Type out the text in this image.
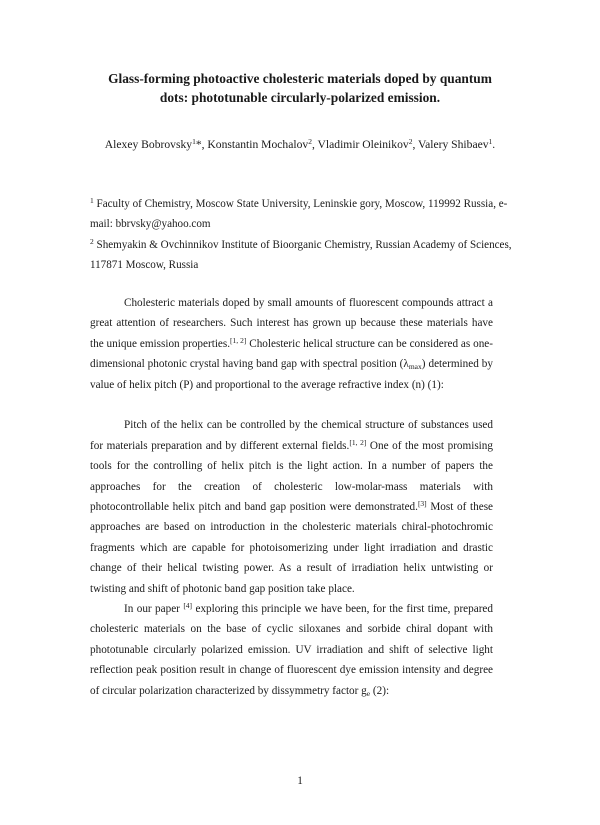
Glass-forming photoactive cholesteric materials doped by quantum
dots: phototunable circularly-polarized emission.

Alexey Bobrovsky$^1$*, Konstantin Mochalov$^2$, Vladimir Oleinikov$^2$, Valery Shibaev$^1$.

$^1$ Faculty of Chemistry, Moscow State University, Leninskie gory, Moscow, 119992 Russia, e-mail: bbrvsky@yahoo.com

$^2$ Shemyakin & Ovchinnikov Institute of Bioorganic Chemistry, Russian Academy of Sciences, 117871 Moscow, Russia

Cholesteric materials doped by small amounts of fluorescent compounds attract a great attention of researchers. Such interest has grown up because these materials have the unique emission properties.[1, 2] Cholesteric helical structure can be considered as one-dimensional photonic crystal having band gap with spectral position $(\lambda_{max})$ determined by value of helix pitch (P) and proportional to the average refractive index (n) (1):

Pitch of the helix can be controlled by the chemical structure of substances used for materials preparation and by different external fields.[1, 2] One of the most promising tools for the controlling of helix pitch is the light action. In a number of papers the approaches for the creation of cholesteric low-molar-mass materials with photocontrollable helix pitch and band gap position were demonstrated.[3] Most of these approaches are based on introduction in the cholesteric materials chiral-photochromic fragments which are capable for photoisomerizing under light irradiation and drastic change of their helical twisting power. As a result of irradiation helix untwisting or twisting and shift of photonic band gap position take place.

In our paper [4] exploring this principle we have been, for the first time, prepared cholesteric materials on the base of cyclic siloxanes and sorbide chiral dopant with phototunable circularly polarized emission. UV irradiation and shift of selective light reflection peak position result in change of fluorescent dye emission intensity and degree of circular polarization characterized by dissymmetry factor $g_e$ (2):

1
